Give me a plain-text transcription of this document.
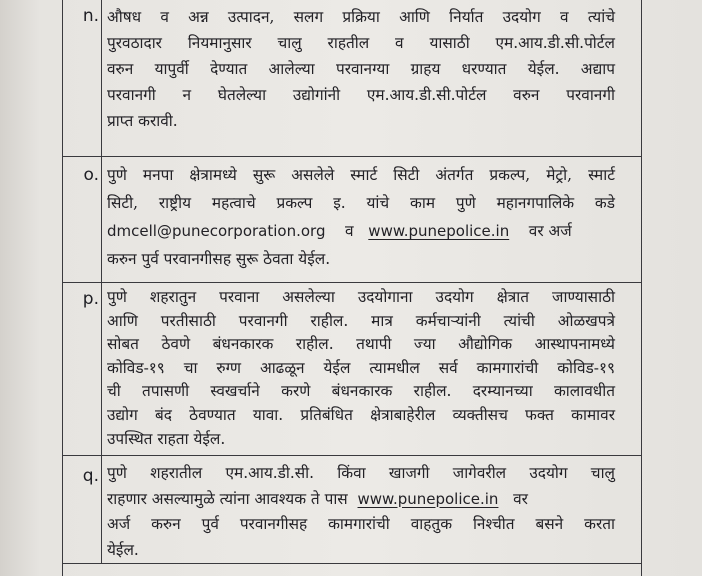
n. औषध व अन्न उत्पादन, सलग प्रक्रिया आणि निर्यात उदयोग व त्यांचे
पुरवठादार नियमानुसार चालु राहतील व यासाठी एम.आय.डी.सी.पोर्टल
वरुन यापुर्वी देण्यात आलेल्या परवानग्या ग्राहय धरण्यात येईल. अद्याप
परवानगी न घेतलेल्या उद्योगांनी एम.आय.डी.सी.पोर्टल वरुन परवानगी
प्राप्त करावी.
o. पुणे मनपा क्षेत्रामध्ये सुरू असलेले स्मार्ट सिटी अंतर्गत प्रकल्प, मेट्रो, स्मार्ट
सिटी, राष्ट्रीय महत्वाचे प्रकल्प इ. यांचे काम पुणे महानगपालिके कडे
dmcell@punecorporation.org व www.punepolice.in वर अर्ज
करुन पुर्व परवानगीसह सुरू ठेवता येईल.
p. पुणे शहरातुन परवाना असलेल्या उदयोगाना उदयोग क्षेत्रात जाण्यासाठी
आणि परतीसाठी परवानगी राहील. मात्र कर्मचाऱ्यांनी त्यांची ओळखपत्रे
सोबत ठेवणे बंधनकारक राहील. तथापी ज्या औद्योगिक आस्थापनामध्ये
कोविड-१९ चा रुग्ण आढळून येईल त्यामधील सर्व कामगारांची कोविड-१९
ची तपासणी स्वखर्चाने करणे बंधनकारक राहील. दरम्यानच्या कालावधीत
उद्योग बंद ठेवण्यात यावा. प्रतिबंधित क्षेत्राबाहेरील व्यक्तीसच फक्त कामावर
उपस्थित राहता येईल.
q. पुणे शहरातील एम.आय.डी.सी. किंवा खाजगी जागेवरील उदयोग चालु
राहणार असल्यामुळे त्यांना आवश्यक ते पास www.punepolice.in वर
अर्ज करुन पुर्व परवानगीसह कामगारांची वाहतुक निश्चीत बसने करता
येईल.
